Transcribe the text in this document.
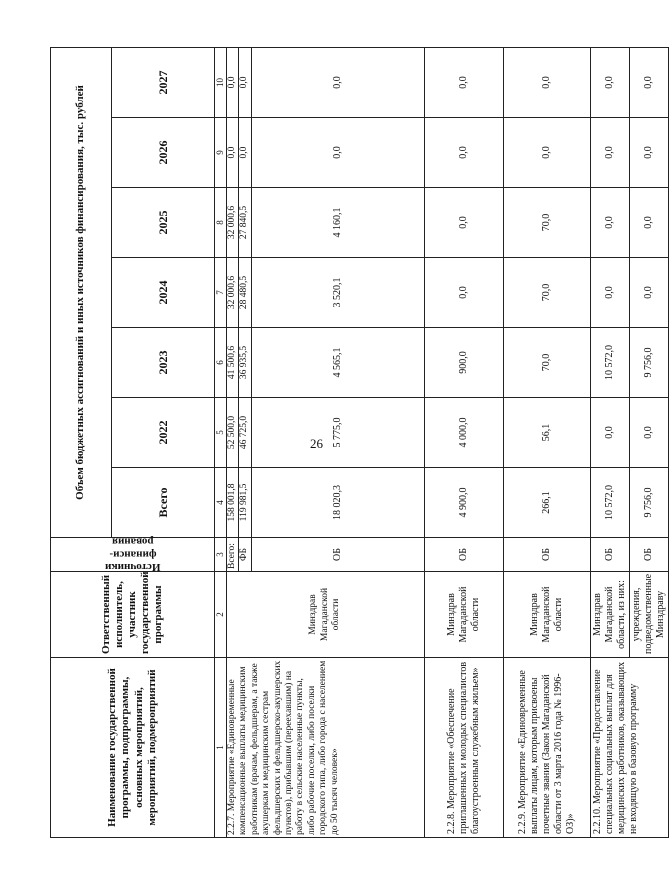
26
Наименование государственной программы, подпрограммы, основных мероприятий, мероприятий, подмероприятий	Ответственный исполнитель, участник государственной программы	Источники
финанси-
рования	Объем бюджетных ассигнований и иных источников финансирования, тыс. рублей						
			Всего	2022	2023	2024	2025	2026	2027
1	2	3	4	5	6	7	8	9	10
2.2.7. Мероприятие «Единовременные компенсационные выплаты медицинским работникам (врачам, фельдшерам, а также акушеркам и медицинским сестрам фельдшерских и фельдшерско-акушерских пунктов), прибывшим (переехавшим) на работу в сельские населенные пункты, либо рабочие поселки, либо поселки городского типа, либо города с населением до 50 тысяч человек»	Минздрав Магаданской области	Всего:	158 001,8	52 500,0	41 500,6	32 000,6	32 000,6	0,0	0,0
		ФБ	119 981,5	46 725,0	36 935,5	28 480,5	27 840,5	0,0	0,0
		ОБ	18 020,3	5 775,0	4 565,1	3 520,1	4 160,1	0,0	0,0
2.2.8. Мероприятие «Обеспечение приглашенных и молодых специалистов благоустроенным служебным жильем»	Минздрав Магаданской области	ОБ	4 900,0	4 000,0	900,0	0,0	0,0	0,0	0,0
2.2.9. Мероприятие «Единовременные выплаты лицам, которым присвоены почетные звания (Закон Магаданской области от 3 марта 2016 года № 1996-ОЗ)»	Минздрав Магаданской области	ОБ	266,1	56,1	70,0	70,0	70,0	0,0	0,0
2.2.10. Мероприятие «Предоставление специальных социальных выплат для медицинских работников, оказывающих не входящую в базовую программу	Минздрав Магаданской области, из них:	ОБ	10 572,0	0,0	10 572,0	0,0	0,0	0,0	0,0
	учреждения, подведомственные Минздраву	ОБ	9 756,0	0,0	9 756,0	0,0	0,0	0,0	0,0
